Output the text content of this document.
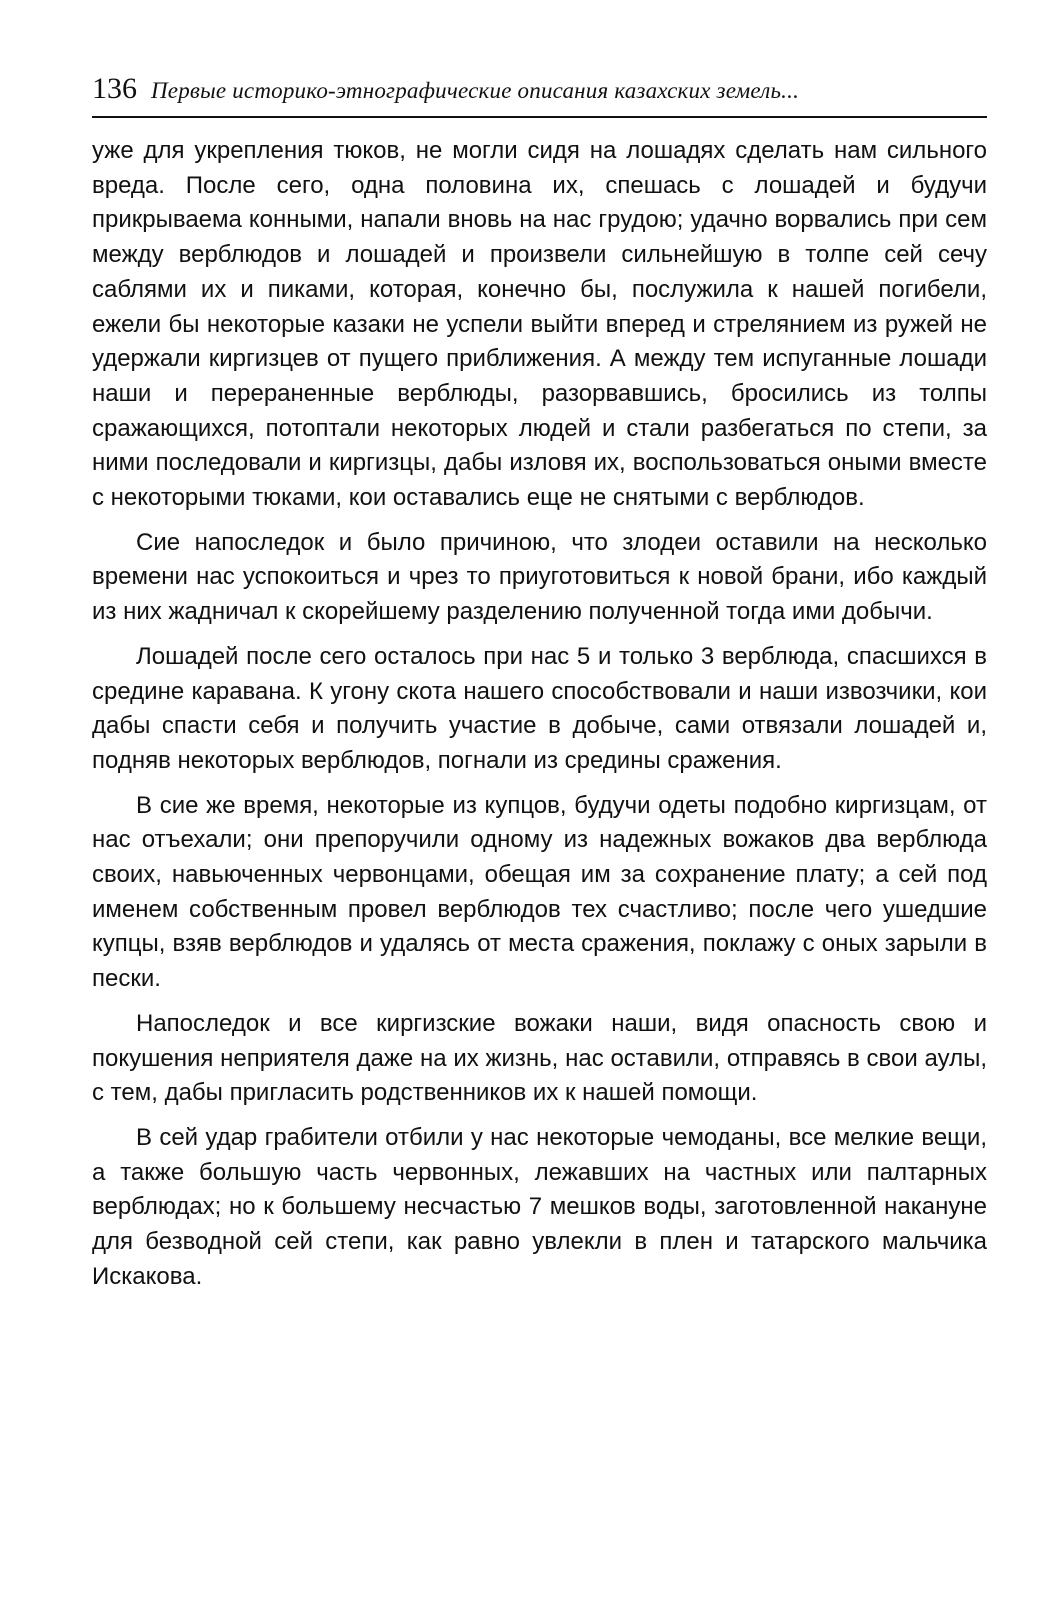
136 Первые историко-этнографические описания казахских земель...

уже для укрепления тюков, не могли сидя на лошадях сделать нам сильного вреда. После сего, одна половина их, спешась с лошадей и будучи прикрываема конными, напали вновь на нас грудою; удачно ворвались при сем между верблюдов и лошадей и произвели сильнейшую в толпе сей сечу саблями их и пиками, которая, конечно бы, послужила к нашей погибели, ежели бы некоторые казаки не успели выйти вперед и стрелянием из ружей не удержали киргизцев от пущего приближения. А между тем испуганные лошади наши и перераненные верблюды, разорвавшись, бросились из толпы сражающихся, потоптали некоторых людей и стали разбегаться по степи, за ними последовали и киргизцы, дабы изловя их, воспользоваться оными вместе с некоторыми тюками, кои оставались еще не снятыми с верблюдов.

Сие напоследок и было причиною, что злодеи оставили на несколько времени нас успокоиться и чрез то приуготовиться к новой брани, ибо каждый из них жадничал к скорейшему разделению полученной тогда ими добычи.

Лошадей после сего осталось при нас 5 и только 3 верблюда, спасшихся в средине каравана. К угону скота нашего способствовали и наши извозчики, кои дабы спасти себя и получить участие в добыче, сами отвязали лошадей и, подняв некоторых верблюдов, погнали из средины сражения.

В сие же время, некоторые из купцов, будучи одеты подобно киргизцам, от нас отъехали; они препоручили одному из надежных вожаков два верблюда своих, навьюченных червонцами, обещая им за сохранение плату; а сей под именем собственным провел верблюдов тех счастливо; после чего ушедшие купцы, взяв верблюдов и удалясь от места сражения, поклажу с оных зарыли в пески.

Напоследок и все киргизские вожаки наши, видя опасность свою и покушения неприятеля даже на их жизнь, нас оставили, отправясь в свои аулы, с тем, дабы пригласить родственников их к нашей помощи.

В сей удар грабители отбили у нас некоторые чемоданы, все мелкие вещи, а также большую часть червонных, лежавших на частных или палтарных верблюдах; но к большему несчастью 7 мешков воды, заготовленной накануне для безводной сей степи, как равно увлекли в плен и татарского мальчика Искакова.
